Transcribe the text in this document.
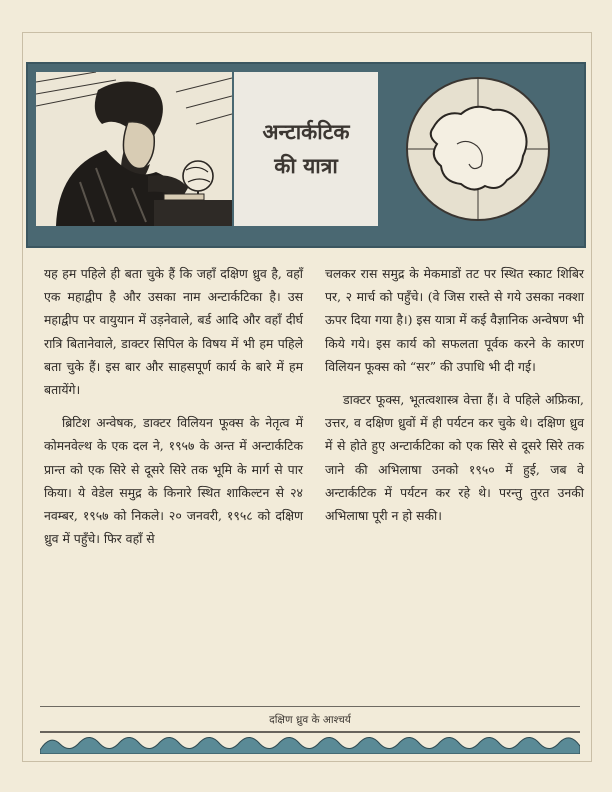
अन्टार्कटिक
की यात्रा

यह हम पहिले ही बता चुके हैं कि जहाँ दक्षिण ध्रुव है, वहाँ एक महाद्वीप है और उसका नाम अन्टार्कटिका है। उस महाद्वीप पर वायुयान में उड़नेवाले, बर्ड आदि और वहाँ दीर्घ रात्रि बितानेवाले, डाक्टर सिपिल के विषय में भी हम पहिले बता चुके हैं। इस बार और साहसपूर्ण कार्य के बारे में हम बतायेंगे।

ब्रिटिश अन्वेषक, डाक्टर विलियन फूक्स के नेतृत्व में कोमनवेल्थ के एक दल ने, १९५७ के अन्त में अन्टार्कटिक प्रान्त को एक सिरे से दूसरे सिरे तक भूमि के मार्ग से पार किया। ये वेडेल समुद्र के किनारे स्थित शाकिल्टन से २४ नवम्बर, १९५७ को निकले। २० जनवरी, १९५८ को दक्षिण ध्रुव में पहुँचे। फिर वहाँ से

चलकर रास समुद्र के मेकमाडों तट पर स्थित स्काट शिबिर पर, २ मार्च को पहुँचे। (वे जिस रास्ते से गये उसका नक्शा ऊपर दिया गया है।) इस यात्रा में कई वैज्ञानिक अन्वेषण भी किये गये। इस कार्य को सफलता पूर्वक करने के कारण विलियन फूक्स को “सर” की उपाधि भी दी गई।

डाक्टर फूक्स, भूतत्वशास्त्र वेत्ता हैं। वे पहिले अफ्रिका, उत्तर, व दक्षिण ध्रुवों में ही पर्यटन कर चुके थे। दक्षिण ध्रुव में से होते हुए अन्टार्कटिका को एक सिरे से दूसरे सिरे तक जाने की अभिलाषा उनको १९५० में हुई, जब वे अन्टार्कटिक में पर्यटन कर रहे थे। परन्तु तुरत उनकी अभिलाषा पूरी न हो सकी।

दक्षिण ध्रुव के आश्चर्य
